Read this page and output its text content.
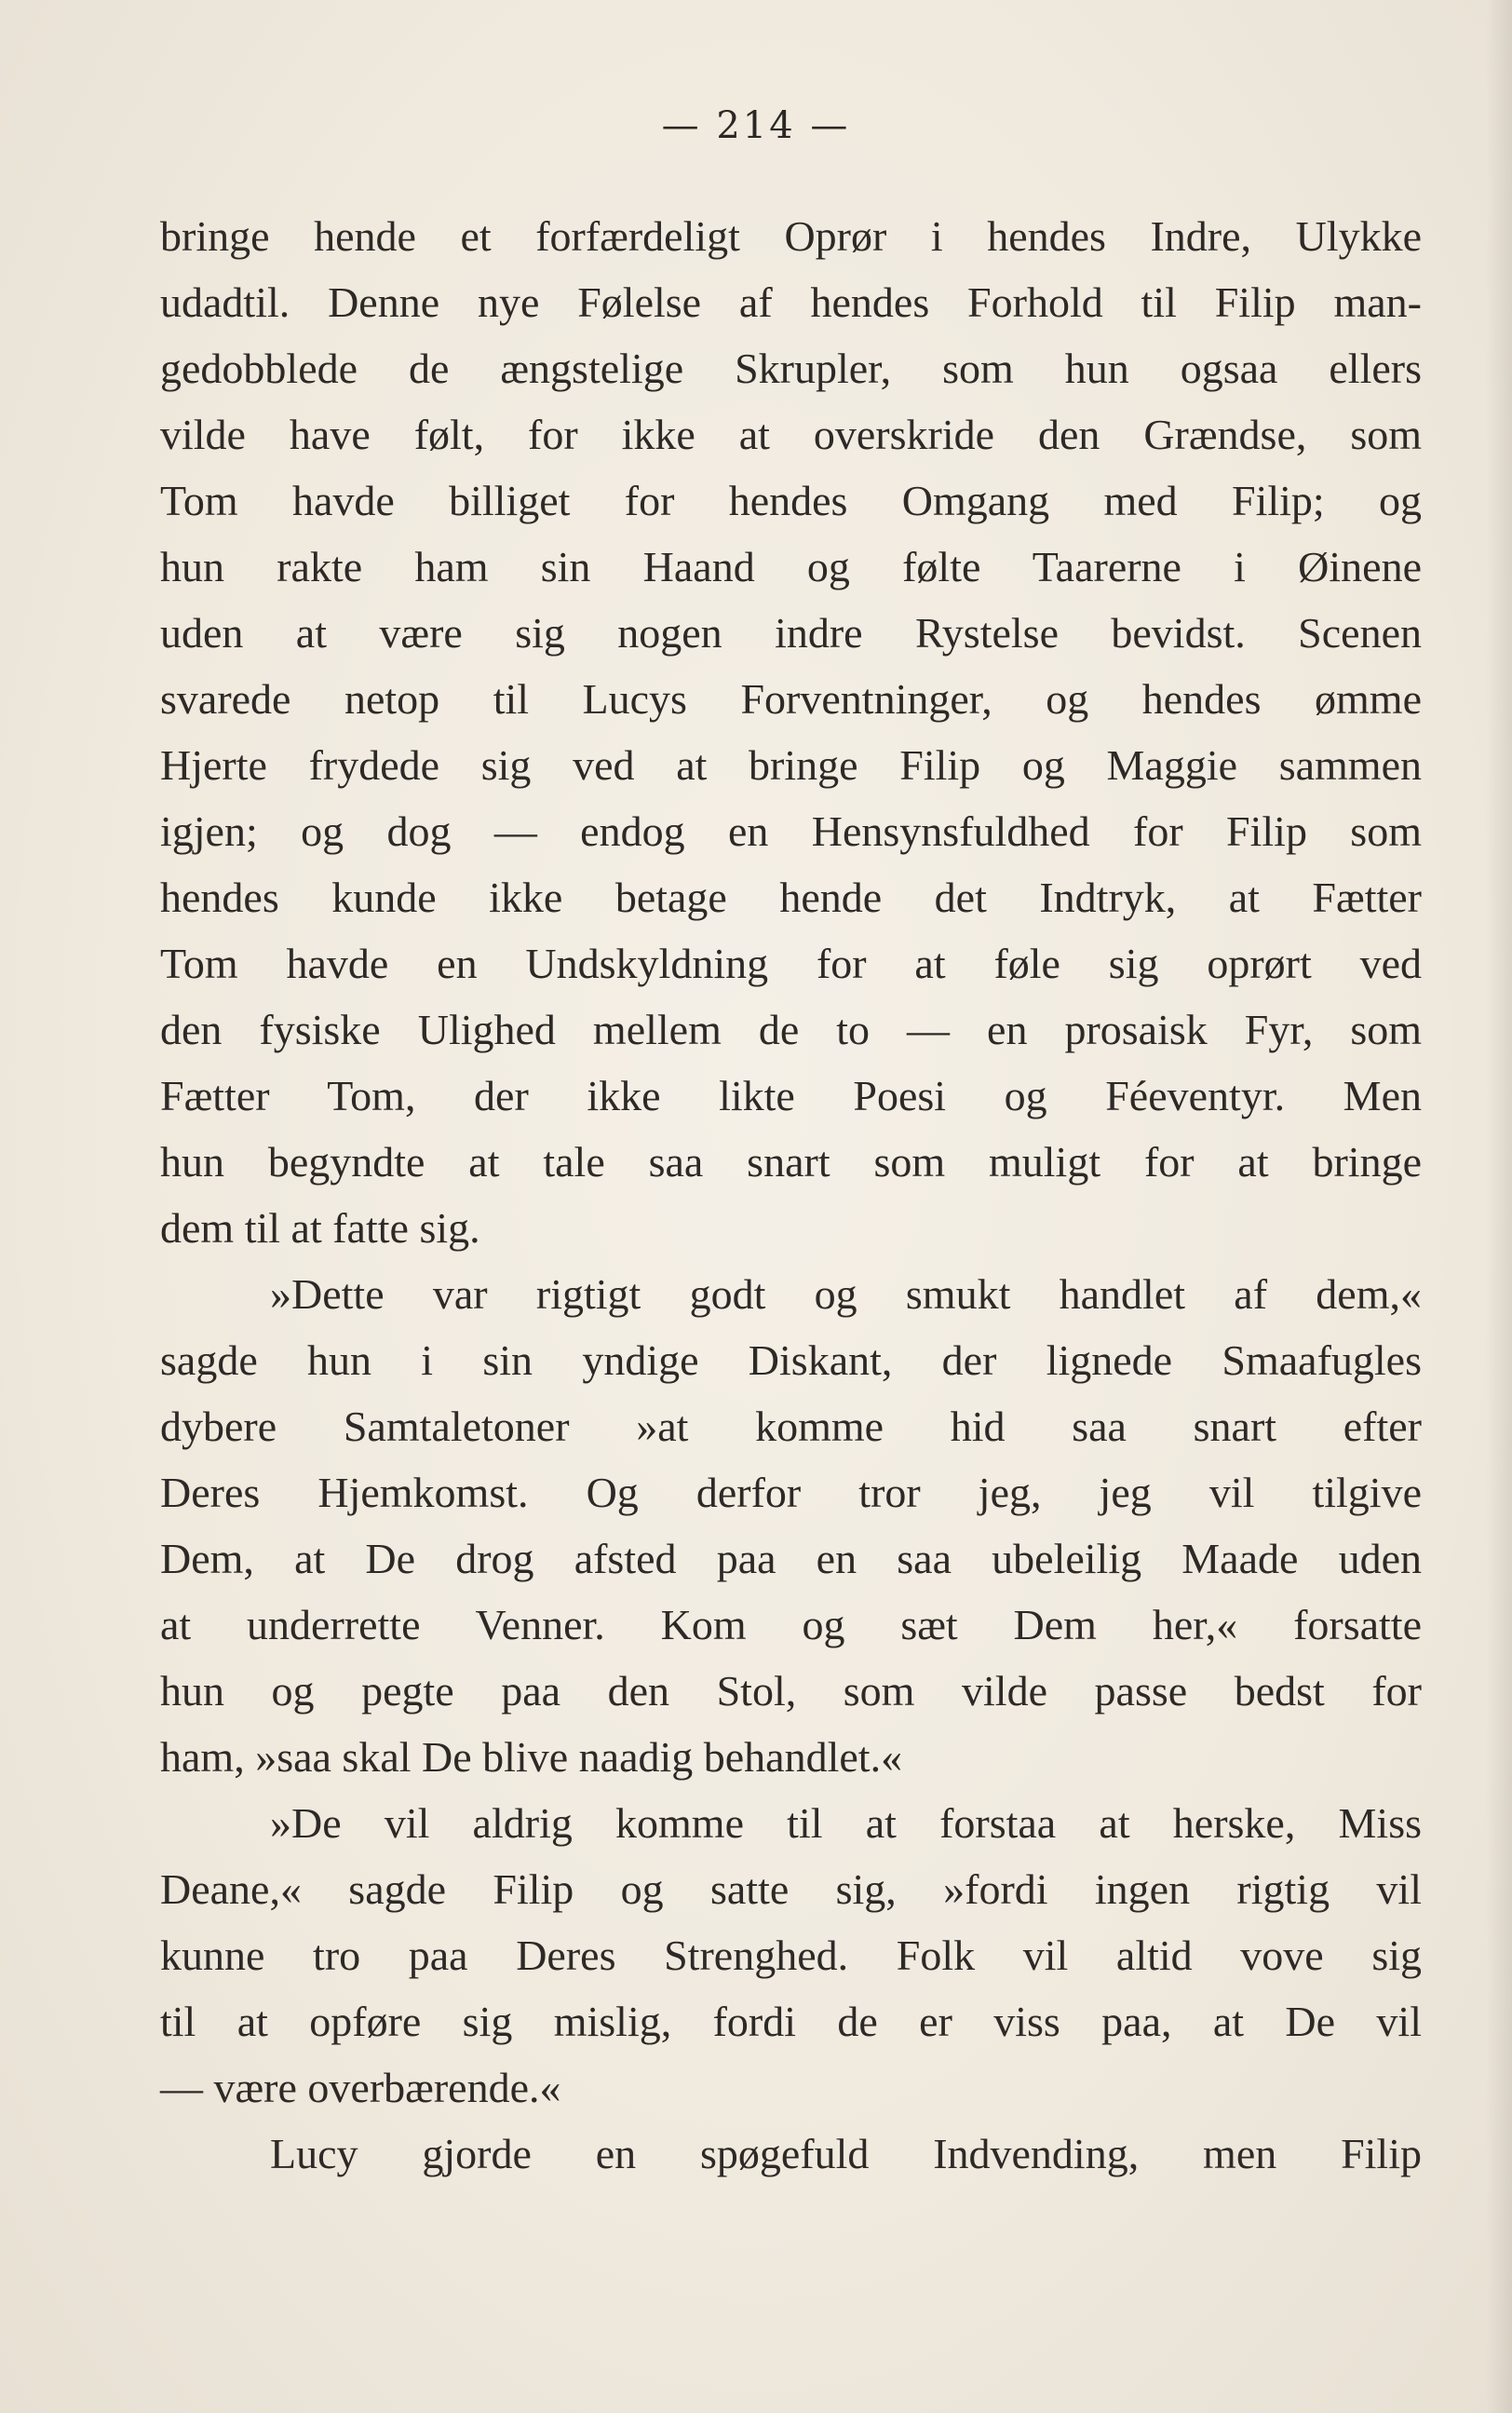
— 214 —
bringe hende et forfærdeligt Oprør i hendes Indre, Ulykke
udadtil. Denne nye Følelse af hendes Forhold til Filip man-
gedobblede de ængstelige Skrupler, som hun ogsaa ellers
vilde have følt, for ikke at overskride den Grændse, som
Tom havde billiget for hendes Omgang med Filip; og
hun rakte ham sin Haand og følte Taarerne i Øinene
uden at være sig nogen indre Rystelse bevidst. Scenen
svarede netop til Lucys Forventninger, og hendes ømme
Hjerte frydede sig ved at bringe Filip og Maggie sammen
igjen; og dog — endog en Hensynsfuldhed for Filip som
hendes kunde ikke betage hende det Indtryk, at Fætter
Tom havde en Undskyldning for at føle sig oprørt ved
den fysiske Ulighed mellem de to — en prosaisk Fyr, som
Fætter Tom, der ikke likte Poesi og Féeventyr. Men
hun begyndte at tale saa snart som muligt for at bringe
dem til at fatte sig.
»Dette var rigtigt godt og smukt handlet af dem,«
sagde hun i sin yndige Diskant, der lignede Smaafugles
dybere Samtaletoner »at komme hid saa snart efter
Deres Hjemkomst. Og derfor tror jeg, jeg vil tilgive
Dem, at De drog afsted paa en saa ubeleilig Maade uden
at underrette Venner. Kom og sæt Dem her,« forsatte
hun og pegte paa den Stol, som vilde passe bedst for
ham, »saa skal De blive naadig behandlet.«
»De vil aldrig komme til at forstaa at herske, Miss
Deane,« sagde Filip og satte sig, »fordi ingen rigtig vil
kunne tro paa Deres Strenghed. Folk vil altid vove sig
til at opføre sig mislig, fordi de er viss paa, at De vil
— være overbærende.«
Lucy gjorde en spøgefuld Indvending, men Filip
